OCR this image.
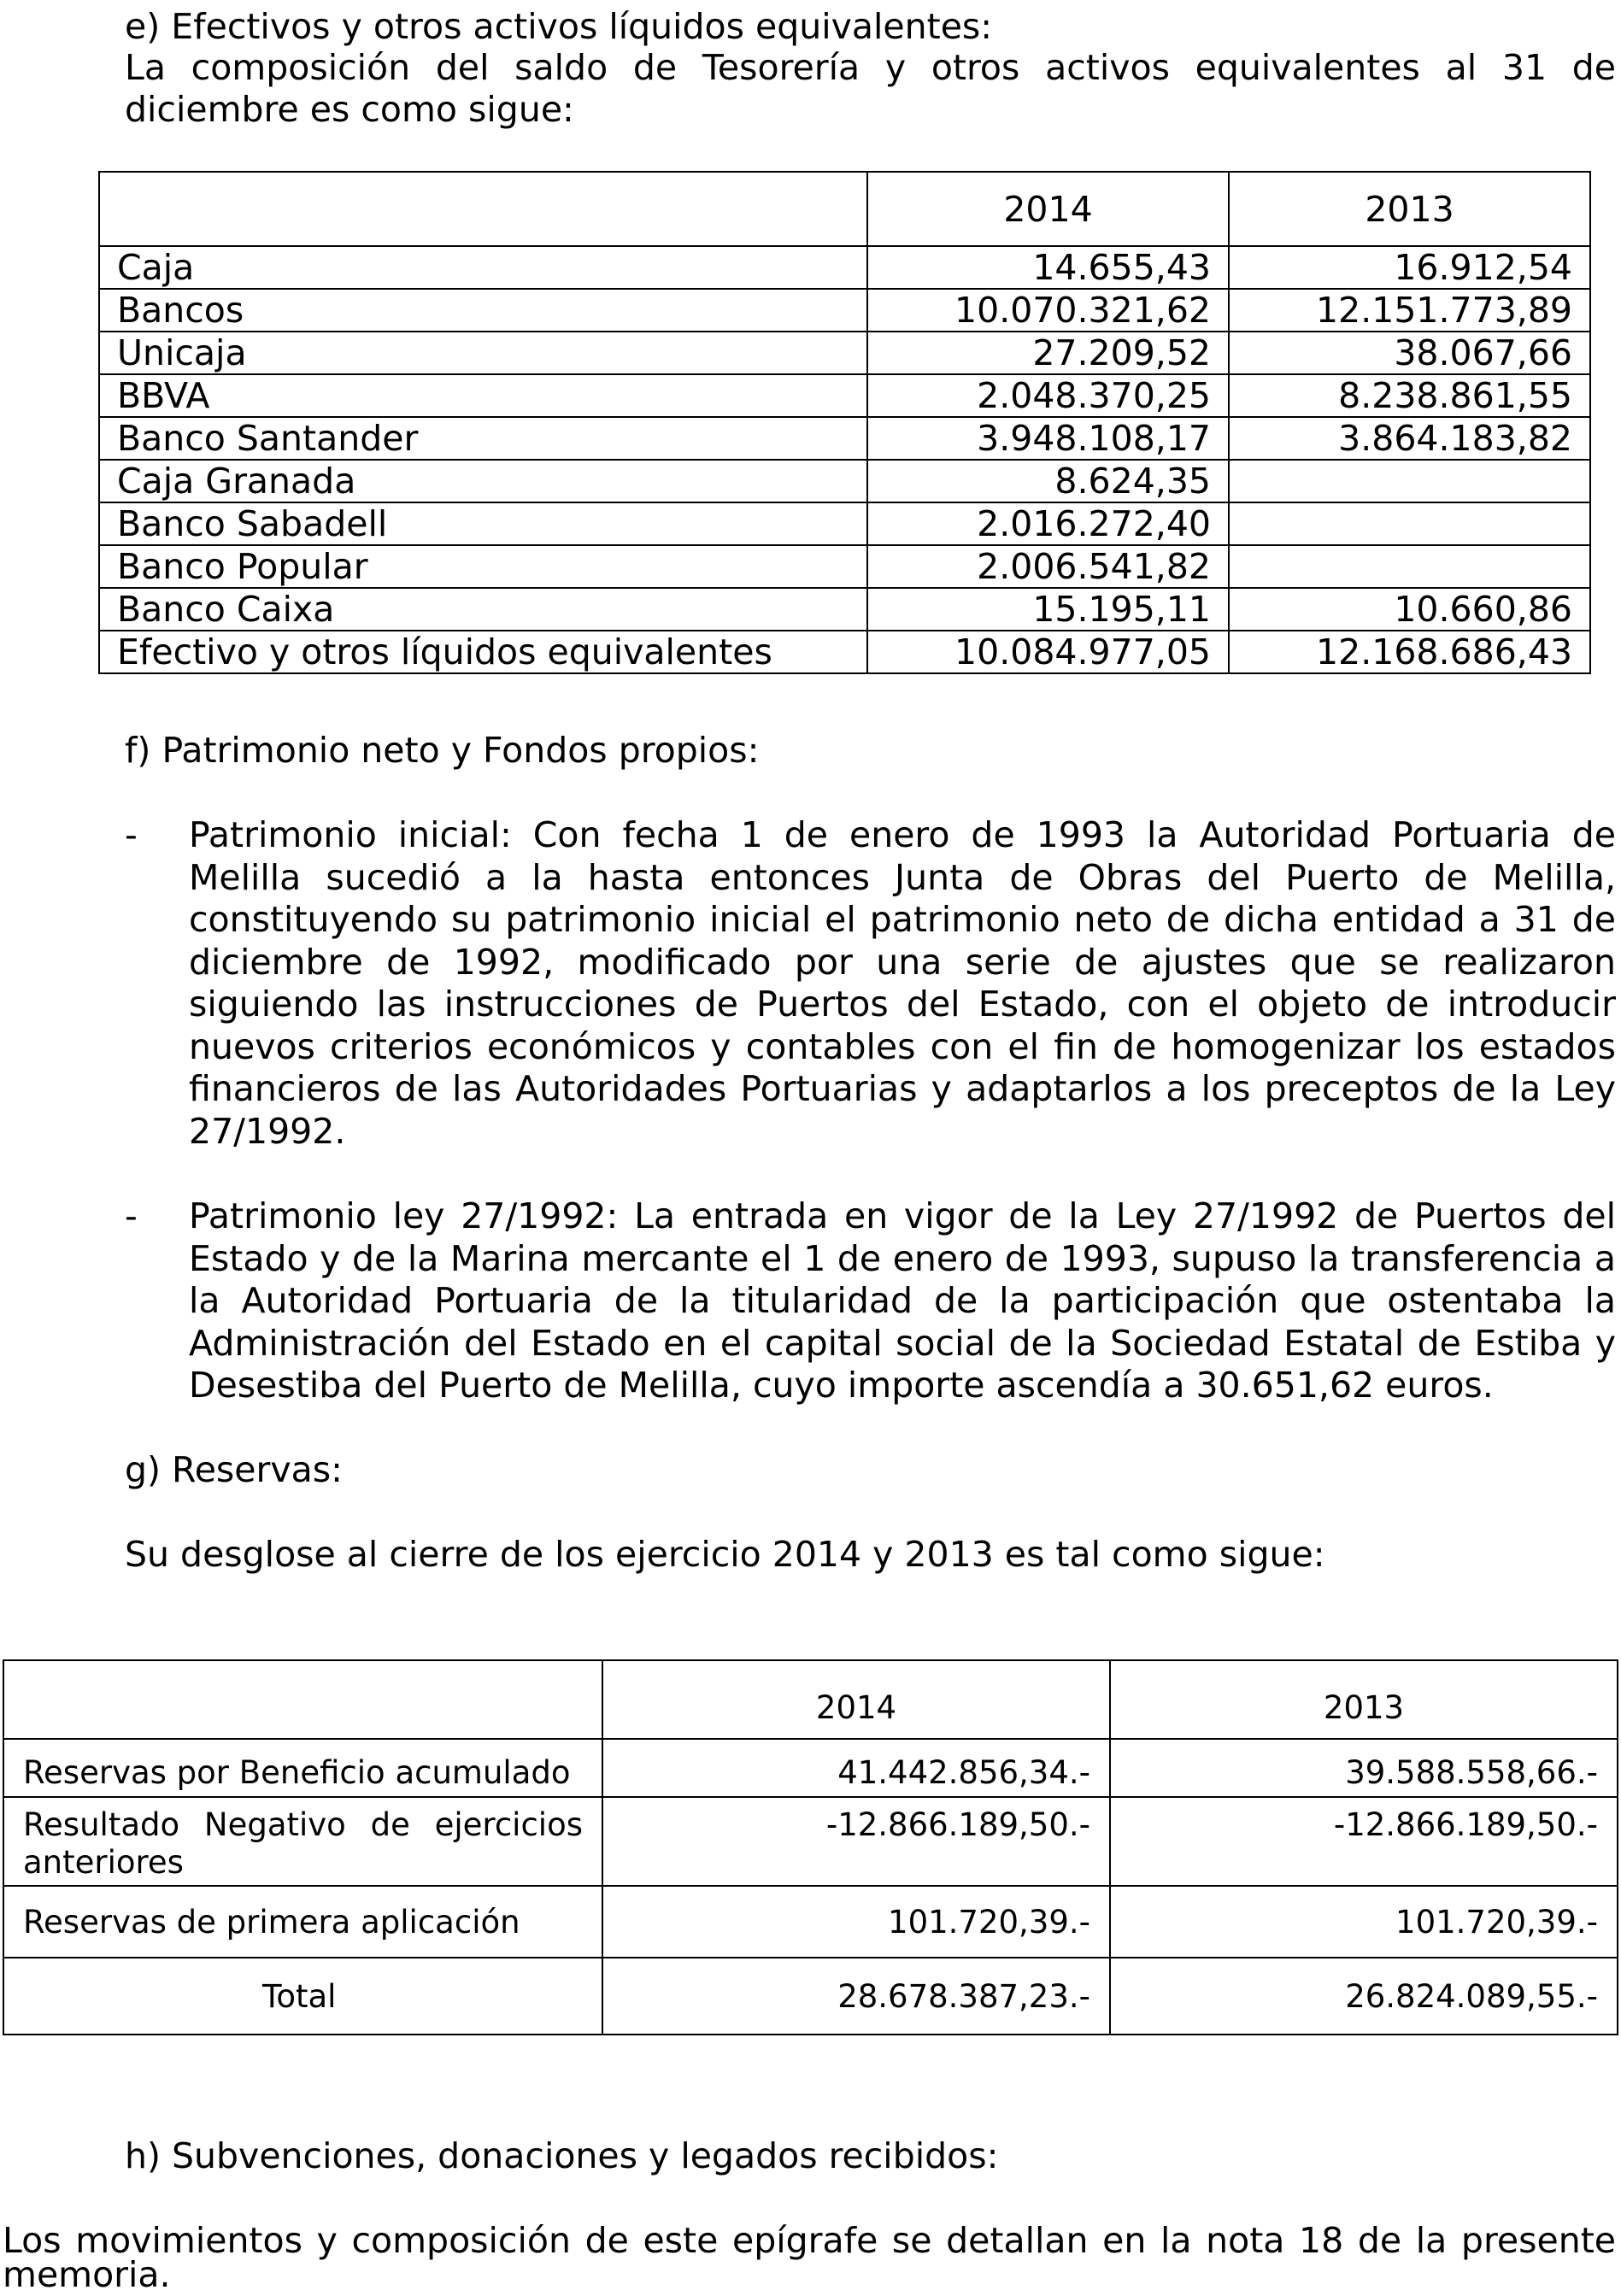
e) Efectivos y otros activos líquidos equivalentes:
La composición del saldo de Tesorería y otros activos equivalentes al 31 de
diciembre es como sigue:
	2014	2013
Caja	14.655,43	16.912,54
Bancos	10.070.321,62	12.151.773,89
Unicaja	27.209,52	38.067,66
BBVA	2.048.370,25	8.238.861,55
Banco Santander	3.948.108,17	3.864.183,82
Caja Granada	8.624,35	
Banco Sabadell	2.016.272,40	
Banco Popular	2.006.541,82	
Banco Caixa	15.195,11	10.660,86
Efectivo y otros líquidos equivalentes	10.084.977,05	12.168.686,43
f) Patrimonio neto y Fondos propios:
- Patrimonio inicial: Con fecha 1 de enero de 1993 la Autoridad Portuaria de
Melilla sucedió a la hasta entonces Junta de Obras del Puerto de Melilla,
constituyendo su patrimonio inicial el patrimonio neto de dicha entidad a 31 de
diciembre de 1992, modificado por una serie de ajustes que se realizaron
siguiendo las instrucciones de Puertos del Estado, con el objeto de introducir
nuevos criterios económicos y contables con el fin de homogenizar los estados
financieros de las Autoridades Portuarias y adaptarlos a los preceptos de la Ley
27/1992.
- Patrimonio ley 27/1992: La entrada en vigor de la Ley 27/1992 de Puertos del
Estado y de la Marina mercante el 1 de enero de 1993, supuso la transferencia a
la Autoridad Portuaria de la titularidad de la participación que ostentaba la
Administración del Estado en el capital social de la Sociedad Estatal de Estiba y
Desestiba del Puerto de Melilla, cuyo importe ascendía a 30.651,62 euros.
g) Reservas:
Su desglose al cierre de los ejercicio 2014 y 2013 es tal como sigue:
	2014	2013
Reservas por Beneficio acumulado	41.442.856,34.-	39.588.558,66.-
Resultado Negativo de ejercicios anteriores	-12.866.189,50.-	-12.866.189,50.-
Reservas de primera aplicación	101.720,39.-	101.720,39.-
Total	28.678.387,23.-	26.824.089,55.-
h) Subvenciones, donaciones y legados recibidos:
Los movimientos y composición de este epígrafe se detallan en la nota 18 de la presente
memoria.
